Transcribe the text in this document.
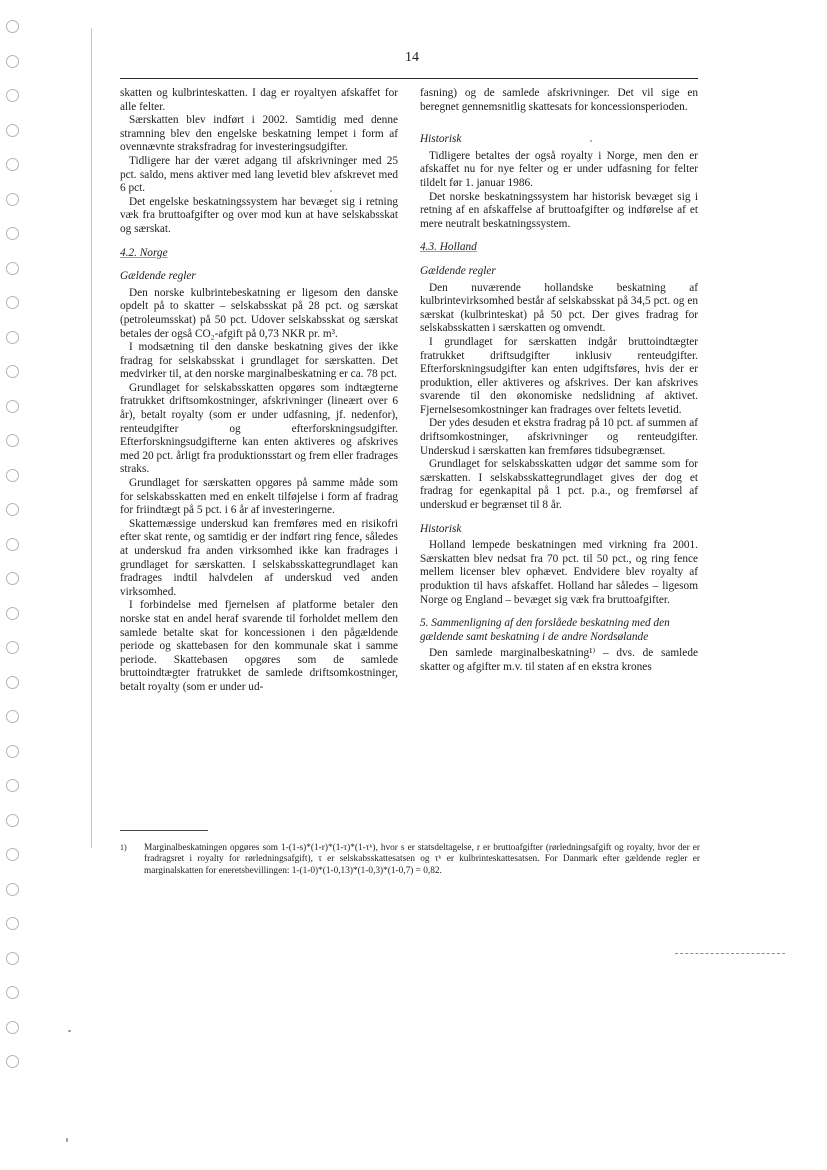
14

skatten og kulbrinteskatten. I dag er royaltyen afskaffet for alle felter.

Særskatten blev indført i 2002. Samtidig med denne stramning blev den engelske beskatning lempet i form af ovennævnte straksfradrag for investeringsudgifter.

Tidligere har der været adgang til afskrivninger med 25 pct. saldo, mens aktiver med lang levetid blev afskrevet med 6 pct.

Det engelske beskatningssystem har bevæget sig i retning væk fra bruttoafgifter og over mod kun at have selskabsskat og særskat.

4.2. Norge
Gældende regler

Den norske kulbrintebeskatning er ligesom den danske opdelt på to skatter – selskabsskat på 28 pct. og særskat (petroleumsskat) på 50 pct. Udover selskabsskat og særskat betales der også CO₂-afgift på 0,73 NKR pr. m³.

I modsætning til den danske beskatning gives der ikke fradrag for selskabsskat i grundlaget for særskatten. Det medvirker til, at den norske marginalbeskatning er ca. 78 pct.

Grundlaget for selskabsskatten opgøres som indtægterne fratrukket driftsomkostninger, afskrivninger (lineært over 6 år), betalt royalty (som er under udfasning, jf. nedenfor), renteudgifter og efterforskningsudgifter. Efterforskningsudgifterne kan enten aktiveres og afskrives med 20 pct. årligt fra produktionsstart og frem eller fradrages straks.

Grundlaget for særskatten opgøres på samme måde som for selskabsskatten med en enkelt tilføjelse i form af fradrag for friindtægt på 5 pct. i 6 år af investeringerne.

Skattemæssige underskud kan fremføres med en risikofri efter skat rente, og samtidig er der indført ring fence, således at underskud fra anden virksomhed ikke kan fradrages i grundlaget for særskatten. I selskabsskattegrundlaget kan fradrages indtil halvdelen af underskud ved anden virksomhed.

I forbindelse med fjernelsen af platforme betaler den norske stat en andel heraf svarende til forholdet mellem den samlede betalte skat for koncessionen i den pågældende periode og skattebasen for den kommunale skat i samme periode. Skattebasen opgøres som de samlede bruttoindtægter fratrukket de samlede driftsomkostninger, betalt royalty (som er under ud-

fasning) og de samlede afskrivninger. Det vil sige en beregnet gennemsnitlig skattesats for koncessionsperioden.

Historisk

Tidligere betaltes der også royalty i Norge, men den er afskaffet nu for nye felter og er under udfasning for felter tildelt før 1. januar 1986.

Det norske beskatningssystem har historisk bevæget sig i retning af en afskaffelse af bruttoafgifter og indførelse af et mere neutralt beskatningssystem.

4.3. Holland
Gældende regler

Den nuværende hollandske beskatning af kulbrintevirksomhed består af selskabsskat på 34,5 pct. og en særskat (kulbrinteskat) på 50 pct. Der gives fradrag for selskabsskatten i særskatten og omvendt.

I grundlaget for særskatten indgår bruttoindtægter fratrukket driftsudgifter inklusiv renteudgifter. Efterforskningsudgifter kan enten udgiftsføres, hvis der er produktion, eller aktiveres og afskrives. Der kan afskrives svarende til den økonomiske nedslidning af aktivet. Fjernelsesomkostninger kan fradrages over feltets levetid.

Der ydes desuden et ekstra fradrag på 10 pct. af summen af driftsomkostninger, afskrivninger og renteudgifter. Underskud i særskatten kan fremføres tidsubegrænset.

Grundlaget for selskabsskatten udgør det samme som for særskatten. I selskabsskattegrundlaget gives der dog et fradrag for egenkapital på 1 pct. p.a., og fremførsel af underskud er begrænset til 8 år.

Historisk

Holland lempede beskatningen med virkning fra 2001. Særskatten blev nedsat fra 70 pct. til 50 pct., og ring fence mellem licenser blev ophævet. Endvidere blev royalty af produktion til havs afskaffet. Holland har således – ligesom Norge og England – bevæget sig væk fra bruttoafgifter.

5. Sammenligning af den forslåede beskatning med den gældende samt beskatning i de andre Nordsølande

Den samlede marginalbeskatning¹⁾ – dvs. de samlede skatter og afgifter m.v. til staten af en ekstra krones

1) Marginalbeskatningen opgøres som 1-(1-s)*(1-r)*(1-τ)*(1-τᵏ), hvor s er statsdeltagelse, r er bruttoafgifter (rørledningsafgift og royalty, hvor der er fradragsret i royalty for rørledningsafgift), τ er selskabsskattesatsen og τᵏ er kulbrinteskattesatsen. For Danmark efter gældende regler er marginalskatten for eneretsbevillingen: 1-(1-0)*(1-0,13)*(1-0,3)*(1-0,7) = 0,82.
